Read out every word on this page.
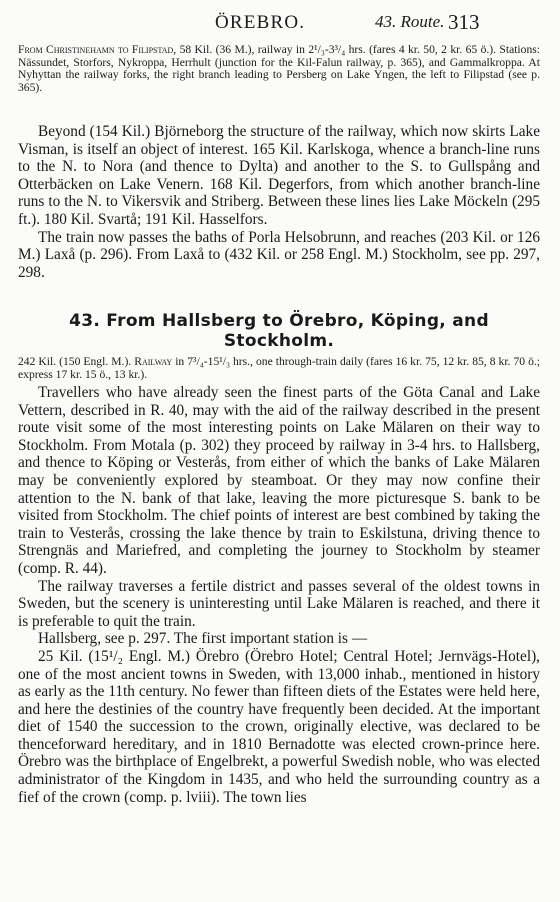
ÖREBRO.	43. Route. 313
From Christinehamn to Filipstad, 58 Kil. (36 M.), railway in 2¹/₃-3³/₄ hrs. (fares 4 kr. 50, 2 kr. 65 ö.). Stations: Nässundet, Storfors, Nykroppa, Herrhult (junction for the Kil-Falun railway, p. 365), and Gammalkroppa. At Nyhyttan the railway forks, the right branch leading to Persberg on Lake Yngen, the left to Filipstad (see p. 365).

Beyond (154 Kil.) Björneborg the structure of the railway, which now skirts Lake Visman, is itself an object of interest. 165 Kil. Karlskoga, whence a branch-line runs to the N. to Nora (and thence to Dylta) and another to the S. to Gullspång and Otterbäcken on Lake Venern. 168 Kil. Degerfors, from which another branch-line runs to the N. to Vikersvik and Striberg. Between these lines lies Lake Möckeln (295 ft.). 180 Kil. Svartå; 191 Kil. Hasselfors.

The train now passes the baths of Porla Helsobrunn, and reaches (203 Kil. or 126 M.) Laxå (p. 296). From Laxå to (432 Kil. or 258 Engl. M.) Stockholm, see pp. 297, 298.

43. From Hallsberg to Örebro, Köping, and Stockholm.
242 Kil. (150 Engl. M.). Railway in 7³/₄-15¹/₃ hrs., one through-train daily (fares 16 kr. 75, 12 kr. 85, 8 kr. 70 ö.; express 17 kr. 15 ö., 13 kr.).

Travellers who have already seen the finest parts of the Göta Canal and Lake Vettern, described in R. 40, may with the aid of the railway described in the present route visit some of the most interesting points on Lake Mälaren on their way to Stockholm. From Motala (p. 302) they proceed by railway in 3-4 hrs. to Hallsberg, and thence to Köping or Vesterås, from either of which the banks of Lake Mälaren may be conveniently explored by steamboat. Or they may now confine their attention to the N. bank of that lake, leaving the more picturesque S. bank to be visited from Stockholm. The chief points of interest are best combined by taking the train to Vesterås, crossing the lake thence by train to Eskilstuna, driving thence to Strengnäs and Mariefred, and completing the journey to Stockholm by steamer (comp. R. 44).

The railway traverses a fertile district and passes several of the oldest towns in Sweden, but the scenery is uninteresting until Lake Mälaren is reached, and there it is preferable to quit the train.

Hallsberg, see p. 297. The first important station is —

25 Kil. (15¹/₂ Engl. M.) Örebro (Örebro Hotel; Central Hotel; Jernvägs-Hotel), one of the most ancient towns in Sweden, with 13,000 inhab., mentioned in history as early as the 11th century. No fewer than fifteen diets of the Estates were held here, and here the destinies of the country have frequently been decided. At the important diet of 1540 the succession to the crown, originally elective, was declared to be thenceforward hereditary, and in 1810 Bernadotte was elected crown-prince here. Örebro was the birthplace of Engelbrekt, a powerful Swedish noble, who was elected administrator of the Kingdom in 1435, and who held the surrounding country as a fief of the crown (comp. p. lviii). The town lies
